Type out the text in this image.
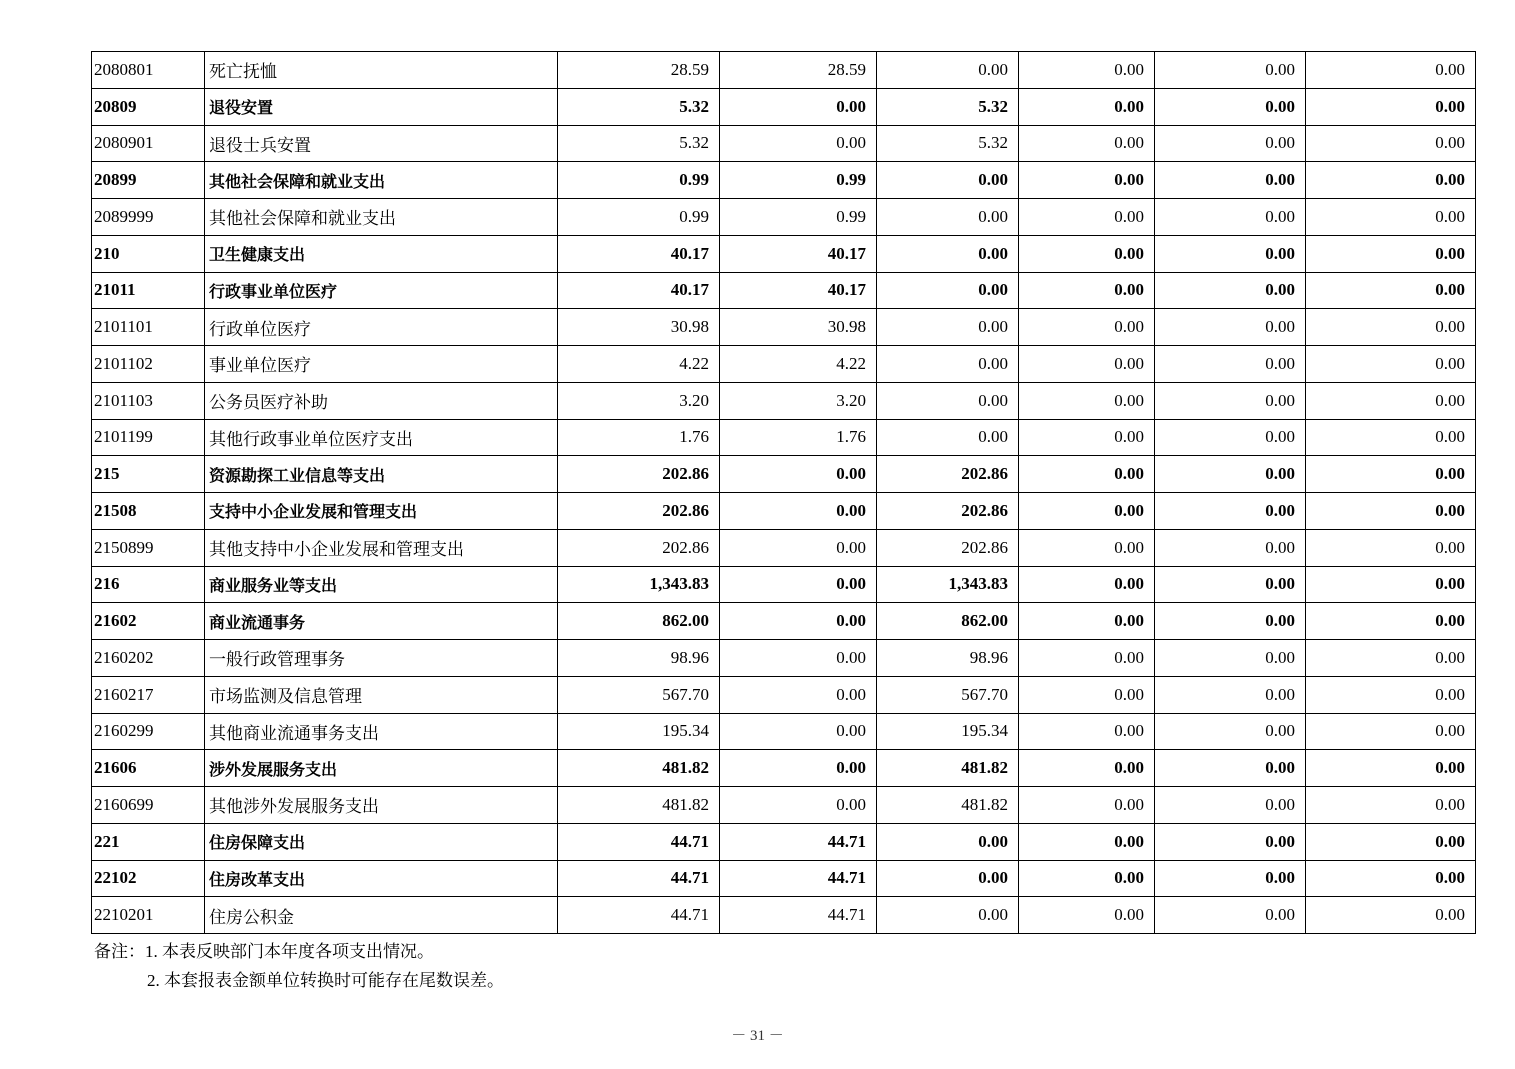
2080801	死亡抚恤	28.59	28.59	0.00	0.00	0.00	0.00
20809	退役安置	5.32	0.00	5.32	0.00	0.00	0.00
2080901	退役士兵安置	5.32	0.00	5.32	0.00	0.00	0.00
20899	其他社会保障和就业支出	0.99	0.99	0.00	0.00	0.00	0.00
2089999	其他社会保障和就业支出	0.99	0.99	0.00	0.00	0.00	0.00
210	卫生健康支出	40.17	40.17	0.00	0.00	0.00	0.00
21011	行政事业单位医疗	40.17	40.17	0.00	0.00	0.00	0.00
2101101	行政单位医疗	30.98	30.98	0.00	0.00	0.00	0.00
2101102	事业单位医疗	4.22	4.22	0.00	0.00	0.00	0.00
2101103	公务员医疗补助	3.20	3.20	0.00	0.00	0.00	0.00
2101199	其他行政事业单位医疗支出	1.76	1.76	0.00	0.00	0.00	0.00
215	资源勘探工业信息等支出	202.86	0.00	202.86	0.00	0.00	0.00
21508	支持中小企业发展和管理支出	202.86	0.00	202.86	0.00	0.00	0.00
2150899	其他支持中小企业发展和管理支出	202.86	0.00	202.86	0.00	0.00	0.00
216	商业服务业等支出	1,343.83	0.00	1,343.83	0.00	0.00	0.00
21602	商业流通事务	862.00	0.00	862.00	0.00	0.00	0.00
2160202	一般行政管理事务	98.96	0.00	98.96	0.00	0.00	0.00
2160217	市场监测及信息管理	567.70	0.00	567.70	0.00	0.00	0.00
2160299	其他商业流通事务支出	195.34	0.00	195.34	0.00	0.00	0.00
21606	涉外发展服务支出	481.82	0.00	481.82	0.00	0.00	0.00
2160699	其他涉外发展服务支出	481.82	0.00	481.82	0.00	0.00	0.00
221	住房保障支出	44.71	44.71	0.00	0.00	0.00	0.00
22102	住房改革支出	44.71	44.71	0.00	0.00	0.00	0.00
2210201	住房公积金	44.71	44.71	0.00	0.00	0.00	0.00
备注：1. 本表反映部门本年度各项支出情况。
2. 本套报表金额单位转换时可能存在尾数误差。
－ 31 －
